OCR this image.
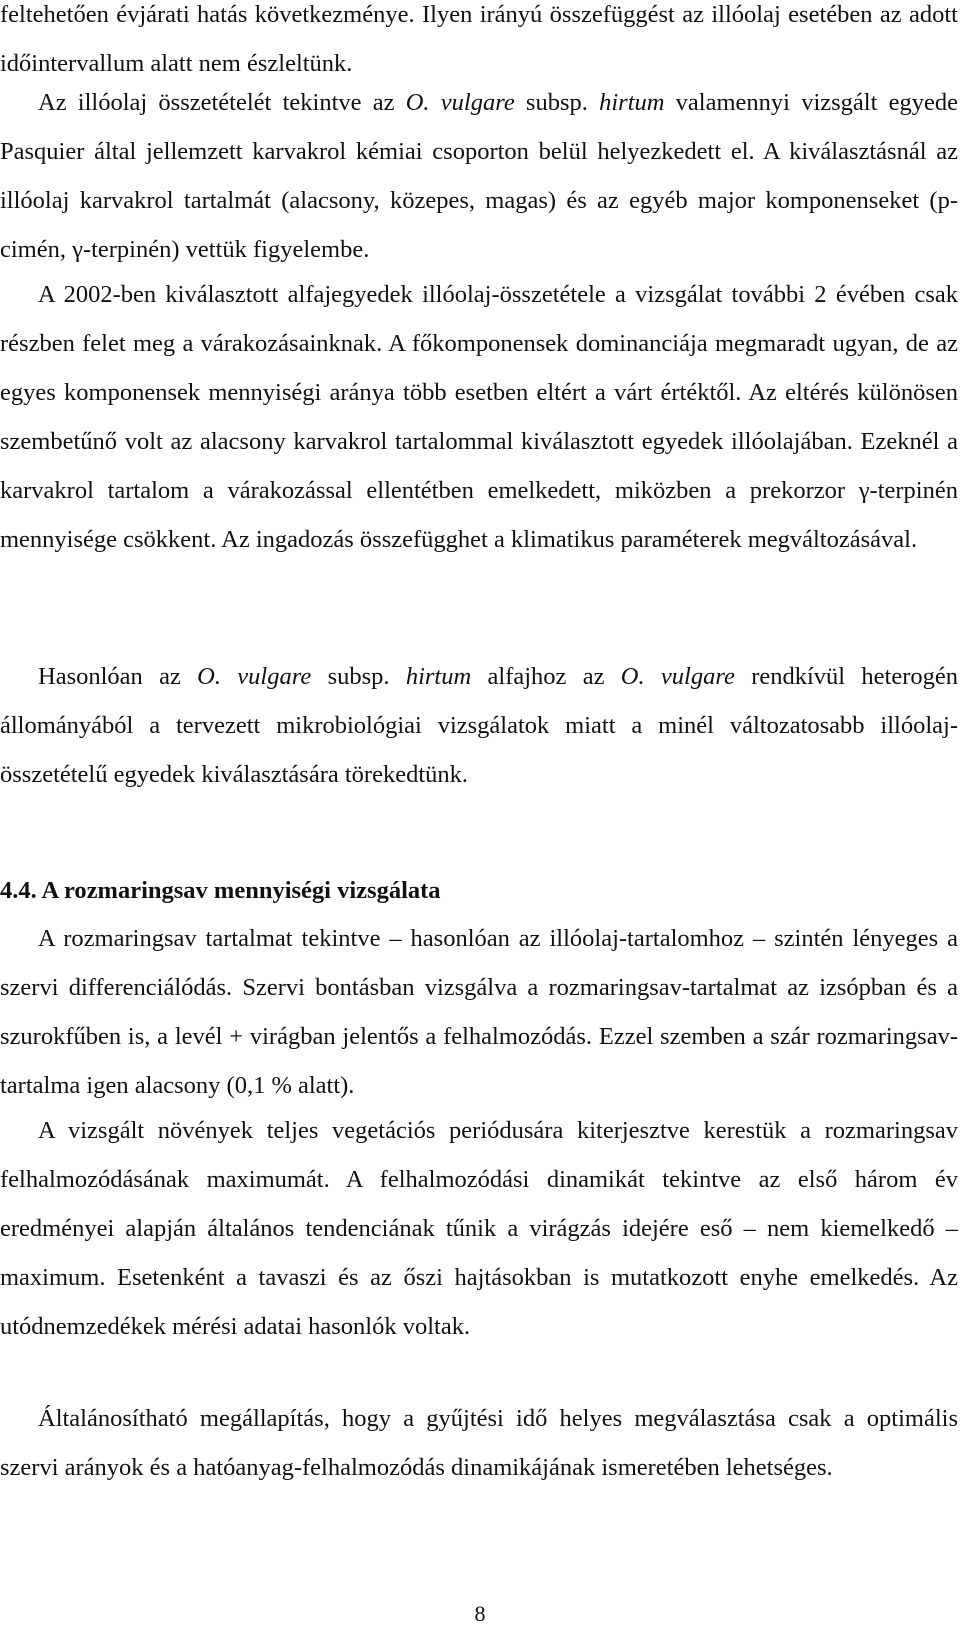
feltehetően évjárati hatás következménye. Ilyen irányú összefüggést az illóolaj esetében az adott időintervallum alatt nem észleltünk.

Az illóolaj összetételét tekintve az O. vulgare subsp. hirtum valamennyi vizsgált egyede Pasquier által jellemzett karvakrol kémiai csoporton belül helyezkedett el. A kiválasztásnál az illóolaj karvakrol tartalmát (alacsony, közepes, magas) és az egyéb major komponenseket (p-cimén, γ-terpinén) vettük figyelembe.

A 2002-ben kiválasztott alfajegyedek illóolaj-összetétele a vizsgálat további 2 évében csak részben felet meg a várakozásainknak. A főkomponensek dominanciája megmaradt ugyan, de az egyes komponensek mennyiségi aránya több esetben eltért a várt értéktől. Az eltérés különösen szembetűnő volt az alacsony karvakrol tartalommal kiválasztott egyedek illóolajában. Ezeknél a karvakrol tartalom a várakozással ellentétben emelkedett, miközben a prekorzor γ-terpinén mennyisége csökkent. Az ingadozás összefügghet a klimatikus paraméterek megváltozásával.

Hasonlóan az O. vulgare subsp. hirtum alfajhoz az O. vulgare rendkívül heterogén állományából a tervezett mikrobiológiai vizsgálatok miatt a minél változatosabb illóolaj-összetételű egyedek kiválasztására törekedtünk.

4.4. A rozmaringsav mennyiségi vizsgálata

A rozmaringsav tartalmat tekintve – hasonlóan az illóolaj-tartalomhoz – szintén lényeges a szervi differenciálódás. Szervi bontásban vizsgálva a rozmaringsav-tartalmat az izsópban és a szurokfűben is, a levél + virágban jelentős a felhalmozódás. Ezzel szemben a szár rozmaringsav-tartalma igen alacsony (0,1 % alatt).

A vizsgált növények teljes vegetációs periódusára kiterjesztve kerestük a rozmaringsav felhalmozódásának maximumát. A felhalmozódási dinamikát tekintve az első három év eredményei alapján általános tendenciának tűnik a virágzás idejére eső – nem kiemelkedő – maximum. Esetenként a tavaszi és az őszi hajtásokban is mutatkozott enyhe emelkedés. Az utódnemzedékek mérési adatai hasonlók voltak.

Általánosítható megállapítás, hogy a gyűjtési idő helyes megválasztása csak a optimális szervi arányok és a hatóanyag-felhalmozódás dinamikájának ismeretében lehetséges.

8
